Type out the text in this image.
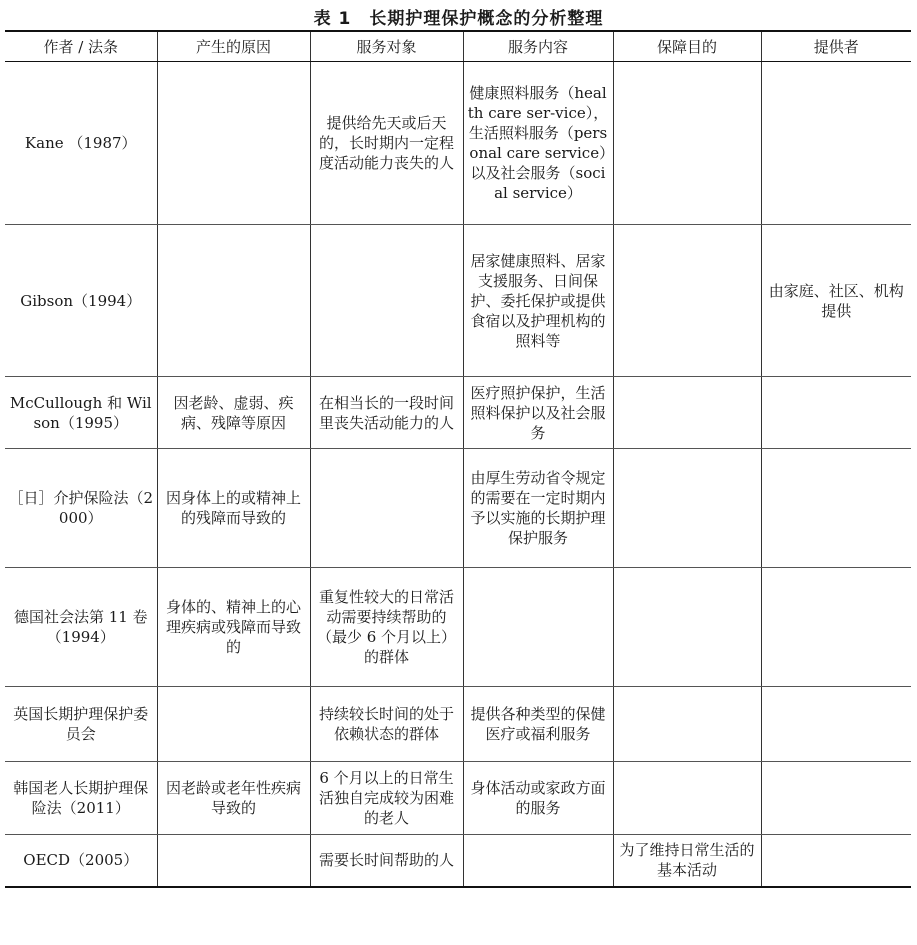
表 1　长期护理保护概念的分析整理
作者 / 法条	产生的原因	服务对象	服务内容	保障目的	提供者
Kane （1987）		提供给先天或后天的，长时期内一定程度活动能力丧失的人	健康照料服务（health care ser-vice），生活照料服务（personal care service）以及社会服务（social service）		
Gibson（1994）			居家健康照料、居家支援服务、日间保护、委托保护或提供食宿以及护理机构的照料等		由家庭、社区、机构提供
McCullough 和 Wilson（1995）	因老龄、虚弱、疾病、残障等原因	在相当长的一段时间里丧失活动能力的人	医疗照护保护，生活照料保护以及社会服务		
［日］介护保险法（2000）	因身体上的或精神上的残障而导致的		由厚生劳动省令规定的需要在一定时期内予以实施的长期护理保护服务		
德国社会法第 11 卷（1994）	身体的、精神上的心理疾病或残障而导致的	重复性较大的日常活动需要持续帮助的（最少 6 个月以上）的群体			
英国长期护理保护委员会		持续较长时间的处于依赖状态的群体	提供各种类型的保健医疗或福利服务		
韩国老人长期护理保险法（2011）	因老龄或老年性疾病导致的	6 个月以上的日常生活独自完成较为困难的老人	身体活动或家政方面的服务		
OECD（2005）		需要长时间帮助的人		为了维持日常生活的基本活动	
